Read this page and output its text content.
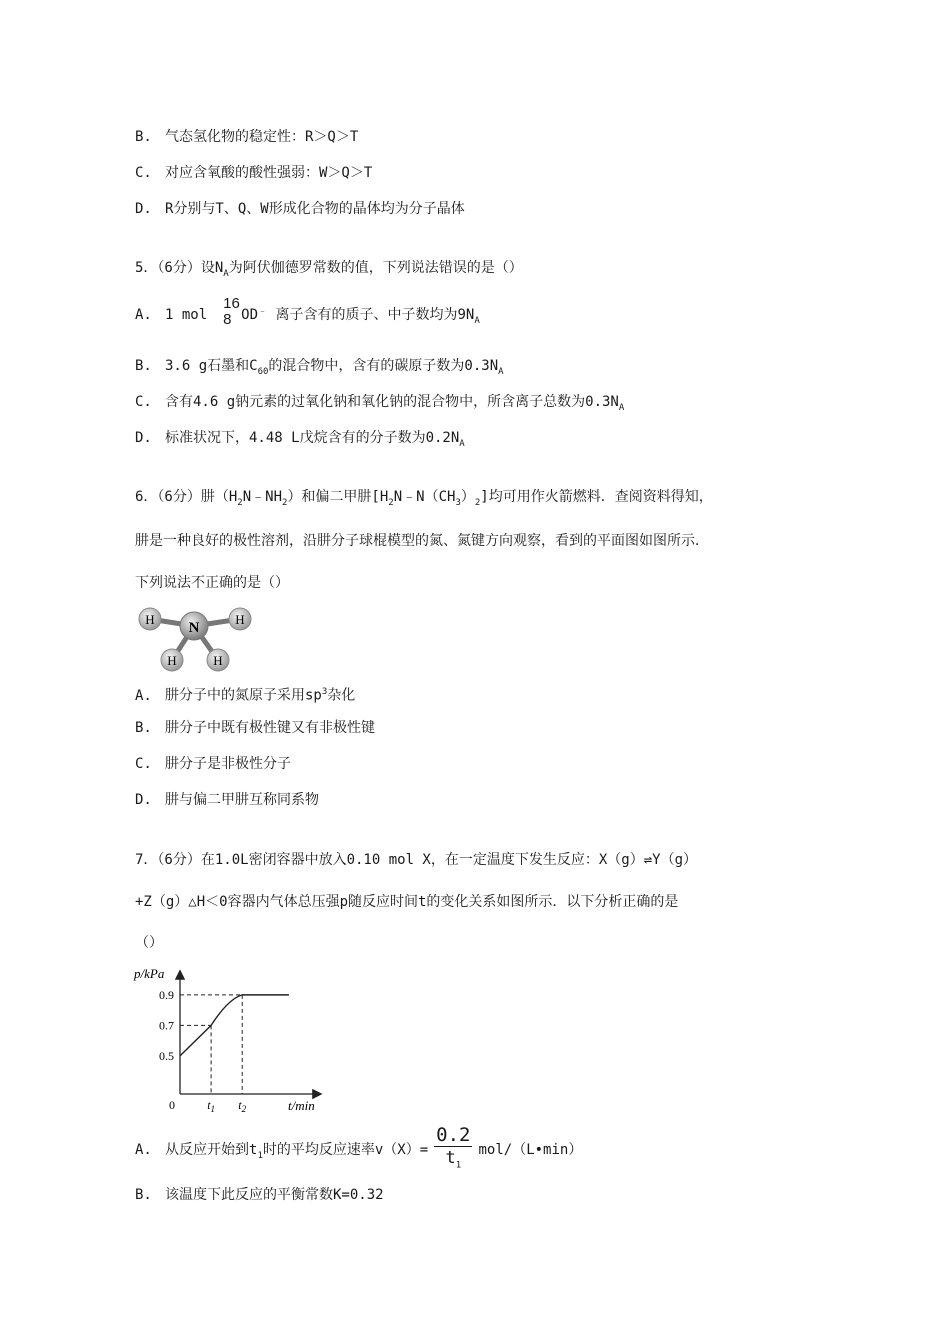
B. 气态氢化物的稳定性：R＞Q＞T
C. 对应含氧酸的酸性强弱：W＞Q＞T
D. R分别与T、Q、W形成化合物的晶体均为分子晶体
5．（6分）设$N_A$为阿伏伽德罗常数的值，下列说法错误的是（）
A. 1 mol
16
8 OD﹣ 离子含有的质子、中子数均为$9N_A$
B. 3.6 g石墨和$C_{60}$的混合物中，含有的碳原子数为$0.3N_A$
C. 含有4.6 g钠元素的过氧化钠和氧化钠的混合物中，所含离子总数为$0.3N_A$
D. 标准状况下，4.48 L戊烷含有的分子数为$0.2N_A$
6．（6分）肼$(H_2N﹣NH_2)$和偏二甲肼$[H_2N﹣N(CH_3)_2]$均可用作火箭燃料．查阅资料得知，
肼是一种良好的极性溶剂，沿肼分子球棍模型的氮、氮键方向观察，看到的平面图如图所示．
下列说法不正确的是（）
H	H
H	H
N
A. 肼分子中的氮原子采用$sp^3$杂化
B. 肼分子中既有极性键又有非极性键
C. 肼分子是非极性分子
D. 肼与偏二甲肼互称同系物
7．（6分）在1.0L密闭容器中放入0.10 mol X，在一定温度下发生反应：X（g）⇌Y（g）
+Z（g）△H＜0容器内气体总压强p随反应时间t的变化关系如图所示．以下分析正确的是
（）
p/kPa
t/min
0.9
0.7
0.5
0	$t_1$ $t_2$
A. 从反应开始到$t_1$时的平均反应速率$v(X)= \frac{0.2}{t_1}$ mol/（L•min）
B. 该温度下此反应的平衡常数K=0.32
